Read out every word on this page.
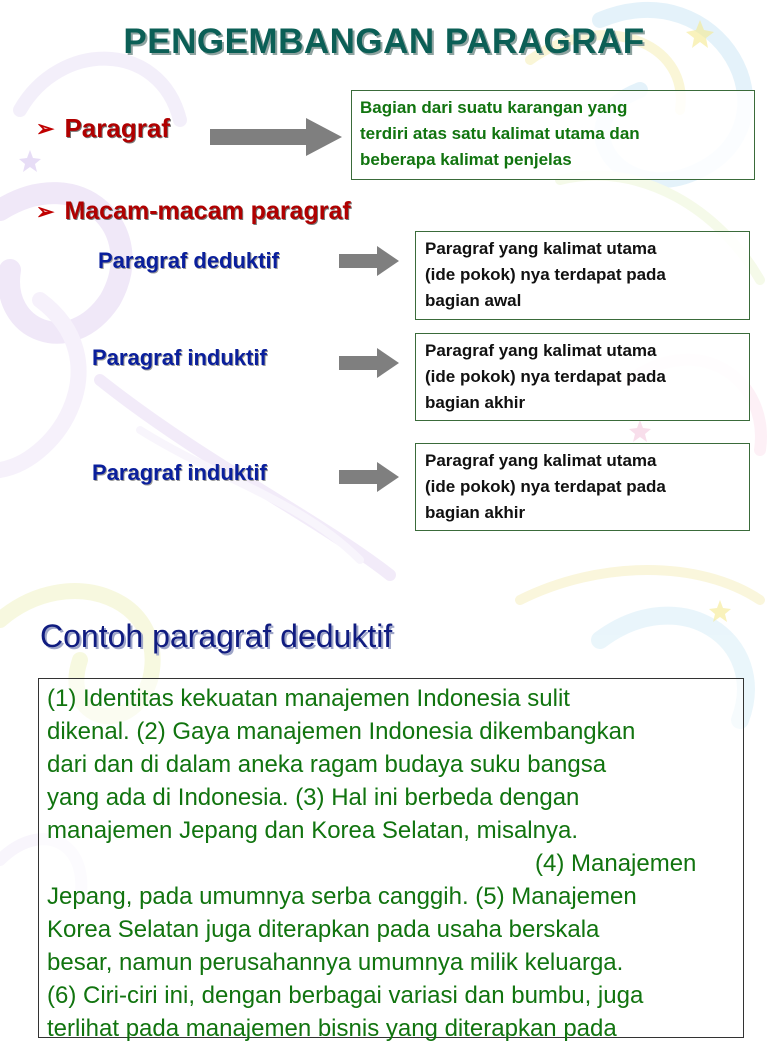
PENGEMBANGAN PARAGRAF
➢ Paragraf
Bagian dari suatu karangan yang
terdiri atas satu kalimat utama dan
beberapa kalimat penjelas
➢ Macam-macam paragraf
Paragraf deduktif	Paragraf yang kalimat utama
(ide pokok) nya terdapat pada
bagian awal
Paragraf induktif	Paragraf yang kalimat utama
(ide pokok) nya terdapat pada
bagian akhir
Paragraf induktif	Paragraf yang kalimat utama
(ide pokok) nya terdapat pada
bagian akhir
Contoh paragraf deduktif
(1) Identitas kekuatan manajemen Indonesia sulit
dikenal. (2) Gaya manajemen Indonesia dikembangkan
dari dan di dalam aneka ragam budaya suku bangsa
yang ada di Indonesia. (3) Hal ini berbeda dengan
manajemen Jepang dan Korea Selatan, misalnya.
(4) Manajemen
Jepang, pada umumnya serba canggih. (5) Manajemen
Korea Selatan juga diterapkan pada usaha berskala
besar, namun perusahannya umumnya milik keluarga.
(6) Ciri-ciri ini, dengan berbagai variasi dan bumbu, juga
terlihat pada manajemen bisnis yang diterapkan pada
